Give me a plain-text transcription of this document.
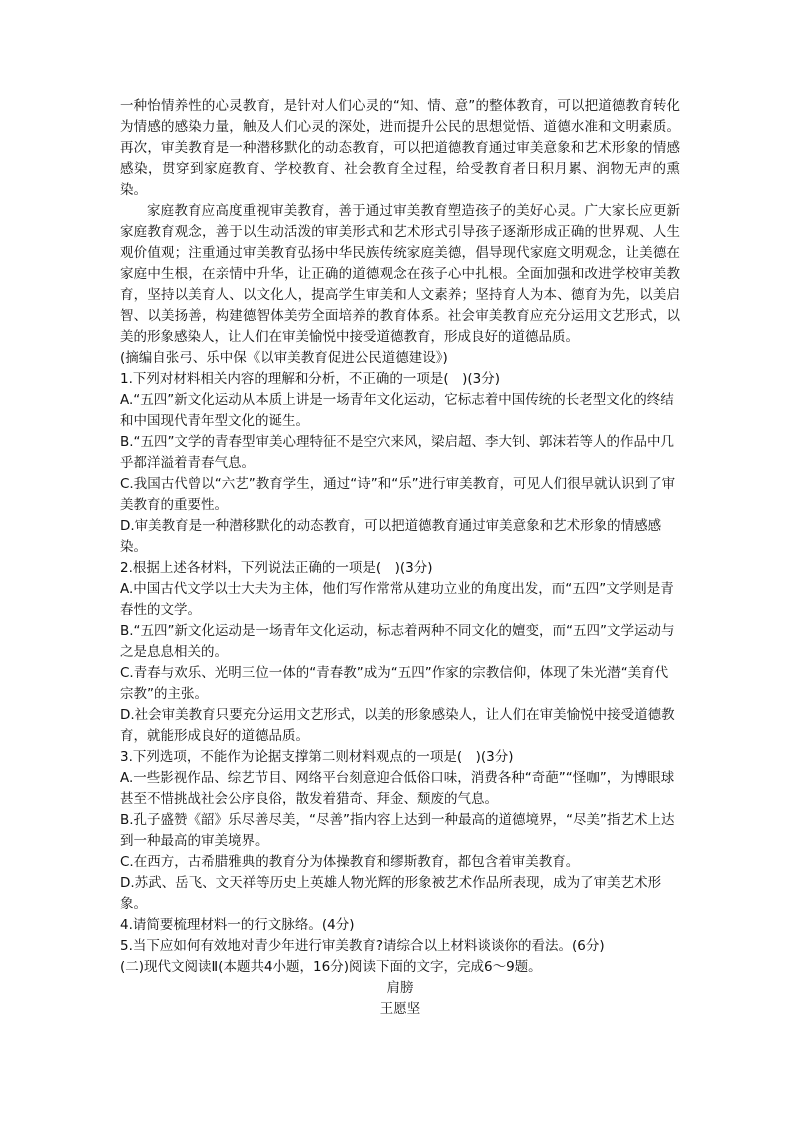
一种怡情养性的心灵教育，是针对人们心灵的“知、情、意”的整体教育，可以把道德教育转化为情感的感染力量，触及人们心灵的深处，进而提升公民的思想觉悟、道德水准和文明素质。再次，审美教育是一种潜移默化的动态教育，可以把道德教育通过审美意象和艺术形象的情感感染，贯穿到家庭教育、学校教育、社会教育全过程，给受教育者日积月累、润物无声的熏染。

家庭教育应高度重视审美教育，善于通过审美教育塑造孩子的美好心灵。广大家长应更新家庭教育观念，善于以生动活泼的审美形式和艺术形式引导孩子逐渐形成正确的世界观、人生观价值观；注重通过审美教育弘扬中华民族传统家庭美德，倡导现代家庭文明观念，让美德在家庭中生根，在亲情中升华，让正确的道德观念在孩子心中扎根。全面加强和改进学校审美教育，坚持以美育人、以文化人，提高学生审美和人文素养；坚持育人为本、德育为先，以美启智、以美扬善，构建德智体美劳全面培养的教育体系。社会审美教育应充分运用文艺形式，以美的形象感染人，让人们在审美愉悦中接受道德教育，形成良好的道德品质。

(摘编自张弓、乐中保《以审美教育促进公民道德建设》)

1.下列对材料相关内容的理解和分析，不正确的一项是(　)(3分)

A.“五四”新文化运动从本质上讲是一场青年文化运动，它标志着中国传统的长老型文化的终结和中国现代青年型文化的诞生。

B.“五四”文学的青春型审美心理特征不是空穴来风，梁启超、李大钊、郭沫若等人的作品中几乎都洋溢着青春气息。

C.我国古代曾以“六艺”教育学生，通过“诗”和“乐”进行审美教育，可见人们很早就认识到了审美教育的重要性。

D.审美教育是一种潜移默化的动态教育，可以把道德教育通过审美意象和艺术形象的情感感染。

2.根据上述各材料，下列说法正确的一项是(　)(3分)

A.中国古代文学以士大夫为主体，他们写作常常从建功立业的角度出发，而“五四”文学则是青春性的文学。

B.“五四”新文化运动是一场青年文化运动，标志着两种不同文化的嬗变，而“五四”文学运动与之是息息相关的。

C.青春与欢乐、光明三位一体的“青春教”成为“五四”作家的宗教信仰，体现了朱光潜“美育代宗教”的主张。

D.社会审美教育只要充分运用文艺形式，以美的形象感染人，让人们在审美愉悦中接受道德教育，就能形成良好的道德品质。

3.下列选项，不能作为论据支撑第二则材料观点的一项是(　)(3分)

A.一些影视作品、综艺节目、网络平台刻意迎合低俗口味，消费各种“奇葩”“怪咖”，为博眼球甚至不惜挑战社会公序良俗，散发着猎奇、拜金、颓废的气息。

B.孔子盛赞《韶》乐尽善尽美，“尽善”指内容上达到一种最高的道德境界，“尽美”指艺术上达到一种最高的审美境界。

C.在西方，古希腊雅典的教育分为体操教育和缪斯教育，都包含着审美教育。

D.苏武、岳飞、文天祥等历史上英雄人物光辉的形象被艺术作品所表现，成为了审美艺术形象。

4.请简要梳理材料一的行文脉络。(4分)

5.当下应如何有效地对青少年进行审美教育?请综合以上材料谈谈你的看法。(6分)

(二)现代文阅读Ⅱ(本题共4小题，16分)阅读下面的文字，完成6～9题。

肩膀

王愿坚
